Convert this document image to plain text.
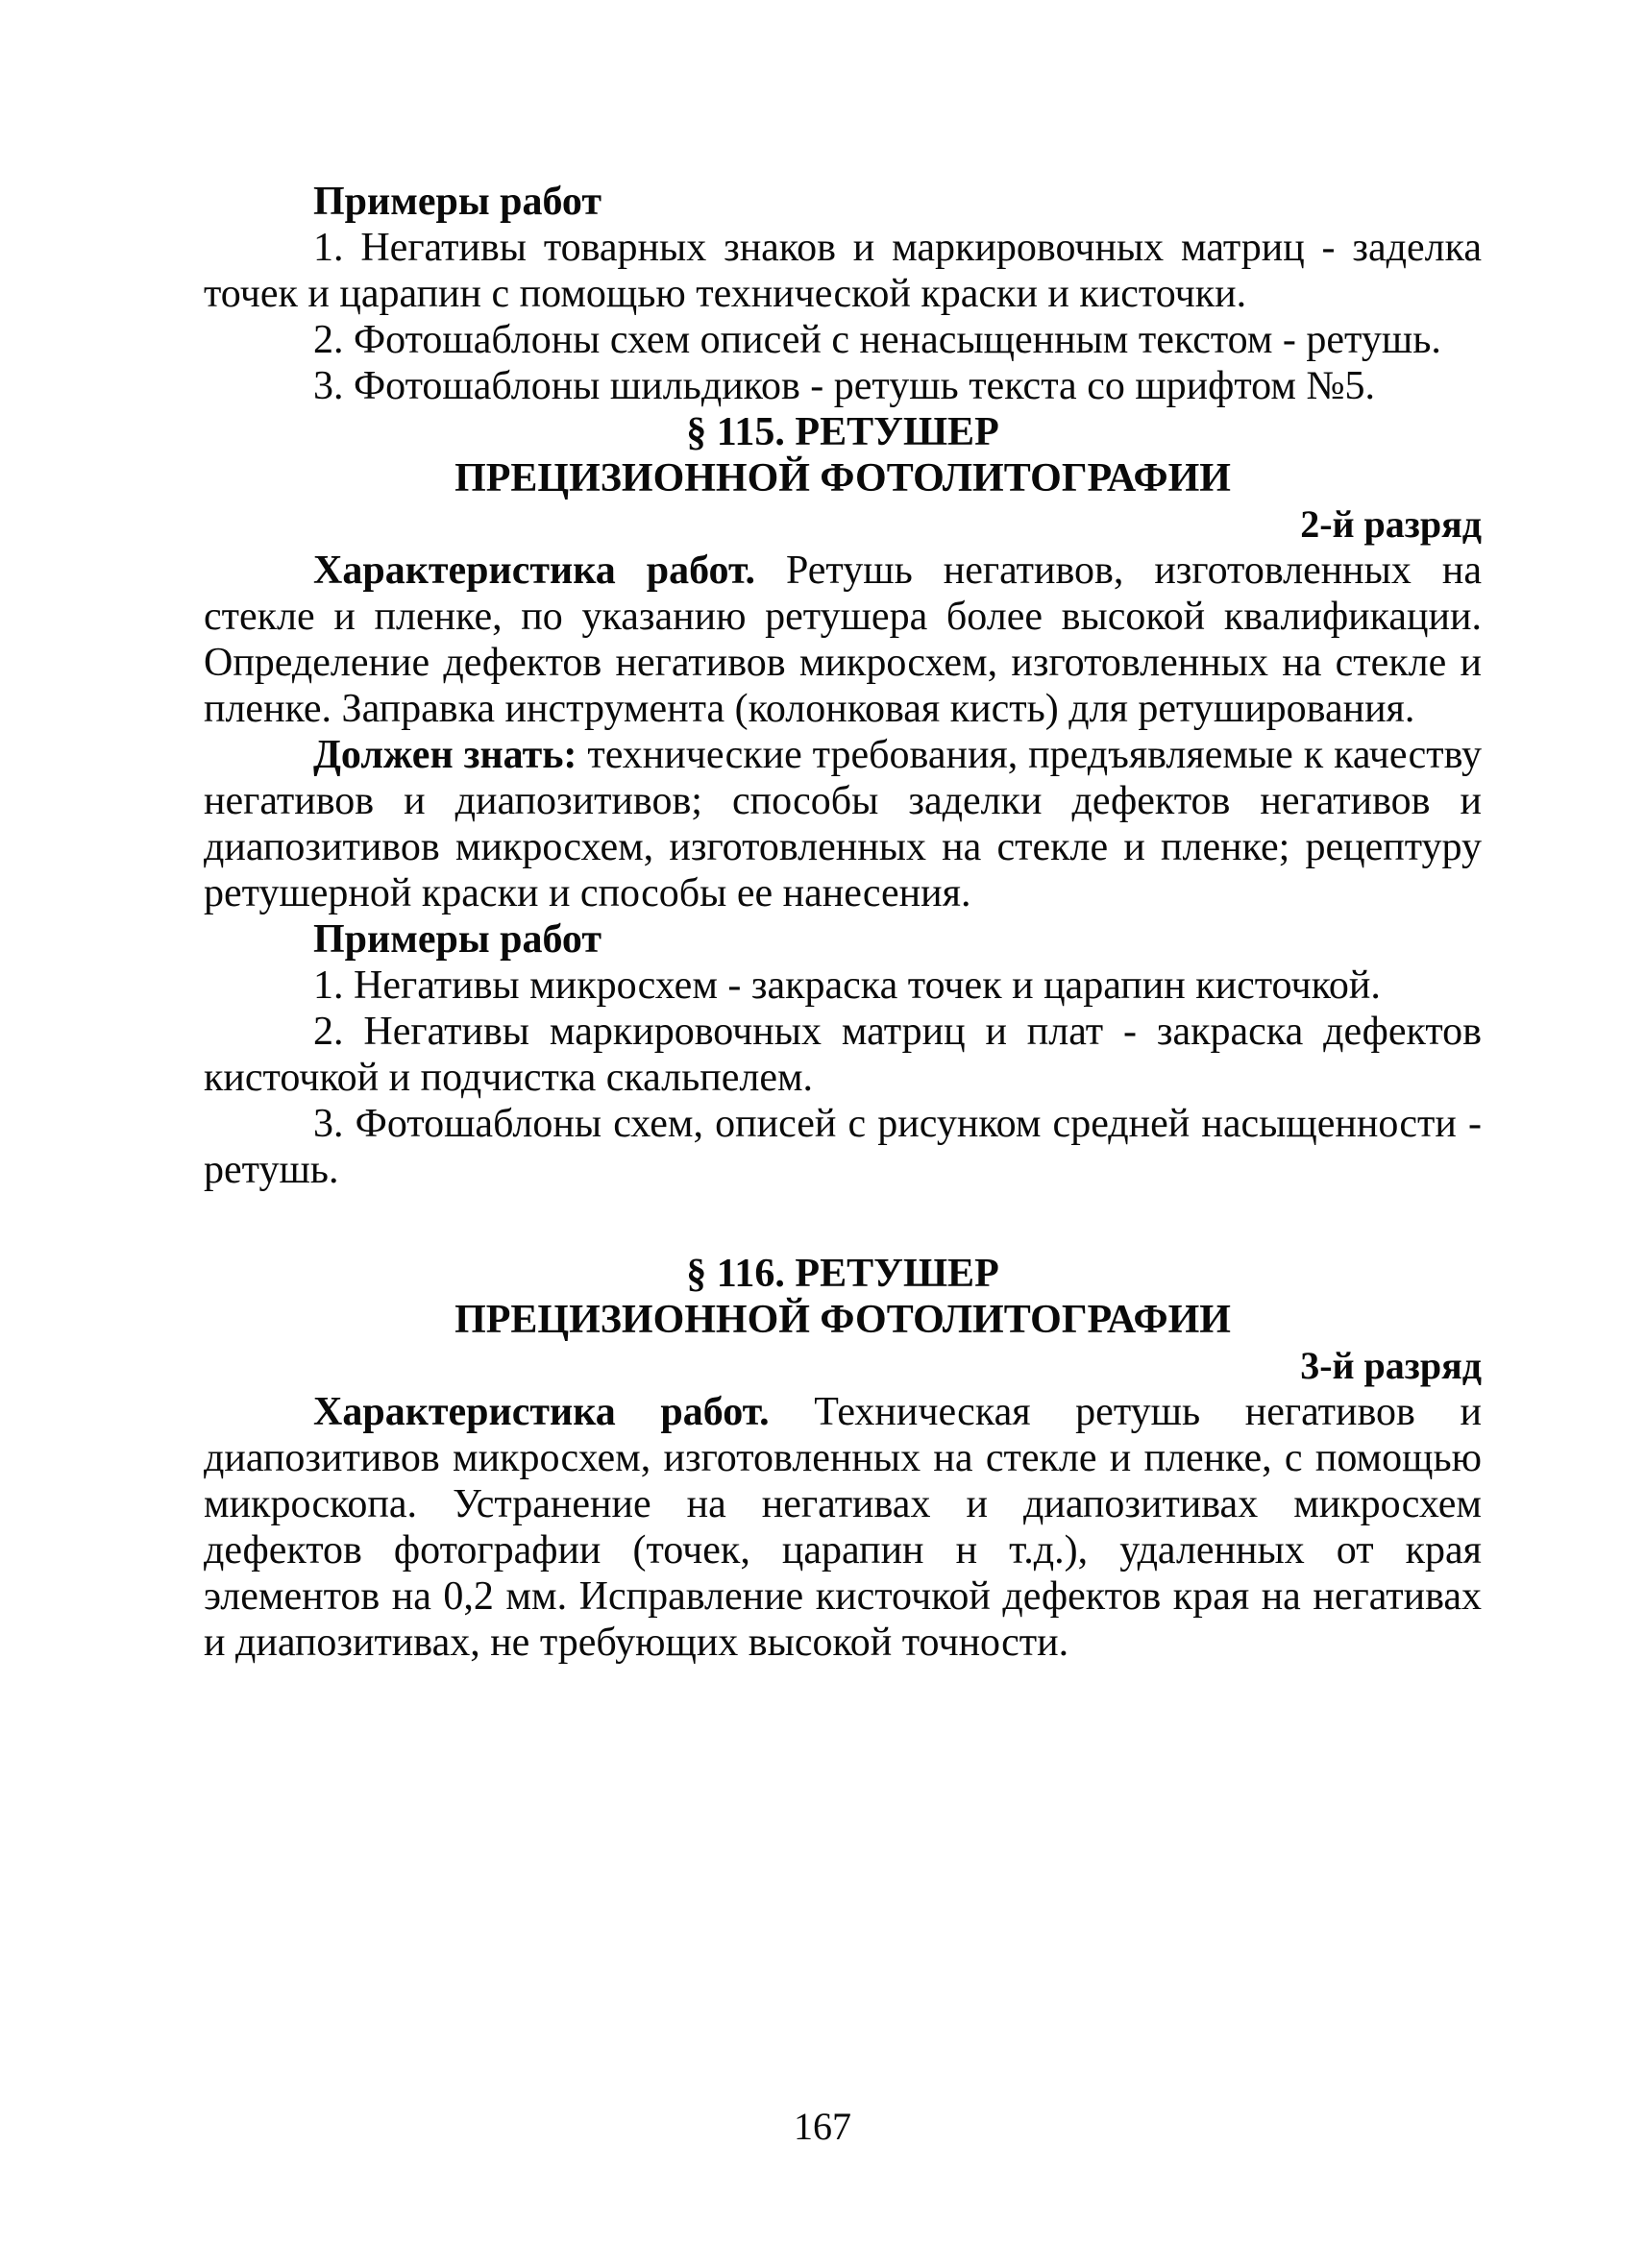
Примеры работ

1. Негативы товарных знаков и маркировочных матриц - заделка точек и царапин с помощью технической краски и кисточки.

2. Фотошаблоны схем описей с ненасыщенным текстом - ретушь.

3. Фотошаблоны шильдиков - ретушь текста со шрифтом №5.

§ 115. РЕТУШЕР

ПРЕЦИЗИОННОЙ ФОТОЛИТОГРАФИИ

2-й разряд

Характеристика работ. Ретушь негативов, изготовленных на стекле и пленке, по указанию ретушера более высокой квалификации. Определение дефектов негативов микросхем, изготовленных на стекле и пленке. Заправка инструмента (колонковая кисть) для ретуширования.

Должен знать: технические требования, предъявляемые к качеству негативов и диапозитивов; способы заделки дефектов негативов и диапозитивов микросхем, изготовленных на стекле и пленке; рецептуру ретушерной краски и способы ее нанесения.

Примеры работ

1. Негативы микросхем - закраска точек и царапин кисточкой.

2. Негативы маркировочных матриц и плат - закраска дефектов кисточкой и подчистка скальпелем.

3. Фотошаблоны схем, описей с рисунком средней насыщенности - ретушь.

§ 116. РЕТУШЕР

ПРЕЦИЗИОННОЙ ФОТОЛИТОГРАФИИ

3-й разряд

Характеристика работ. Техническая ретушь негативов и диапозитивов микросхем, изготовленных на стекле и пленке, с помощью микроскопа. Устранение на негативах и диапозитивах микросхем дефектов фотографии (точек, царапин н т.д.), удаленных от края элементов на 0,2 мм. Исправление кисточкой дефектов края на негативах и диапозитивах, не требующих высокой точности.

167
